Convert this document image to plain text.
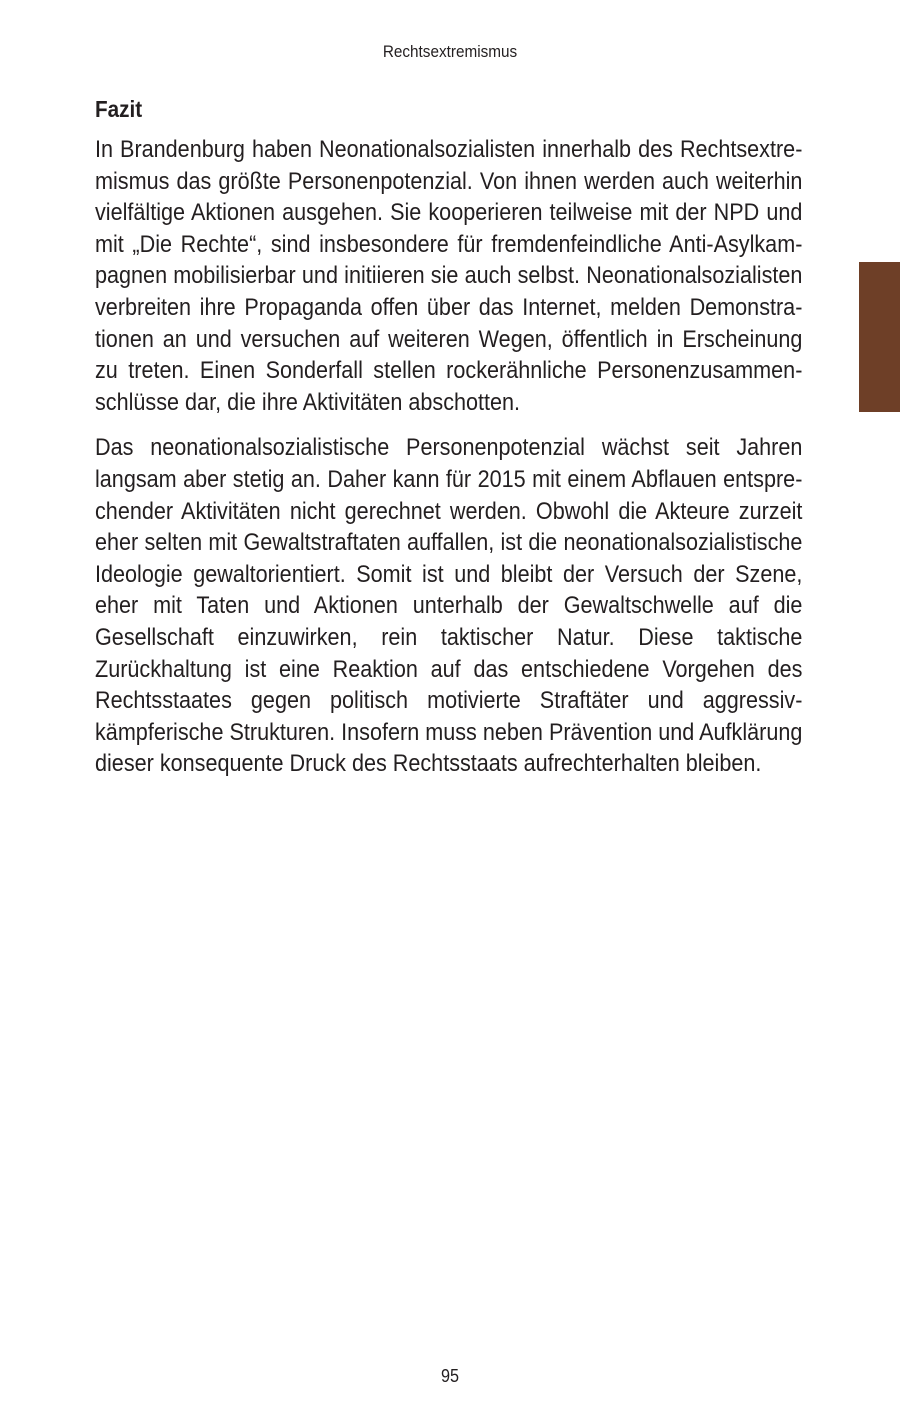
Rechtsextremismus
Fazit

In Brandenburg haben Neonationalsozialisten innerhalb des Rechtsextremismus das größte Personenpotenzial. Von ihnen werden auch weiterhin vielfältige Aktionen ausgehen. Sie kooperieren teilweise mit der NPD und mit „Die Rechte“, sind insbesondere für fremdenfeindliche Anti-Asylkampagnen mobilisierbar und initiieren sie auch selbst. Neonationalsozialisten verbreiten ihre Propaganda offen über das Internet, melden Demonstrationen an und versuchen auf weiteren Wegen, öffentlich in Erscheinung zu treten. Einen Sonderfall stellen rockerähnliche Personenzusammenschlüsse dar, die ihre Aktivitäten abschotten.

Das neonationalsozialistische Personenpotenzial wächst seit Jahren langsam aber stetig an. Daher kann für 2015 mit einem Abflauen entsprechender Aktivitäten nicht gerechnet werden. Obwohl die Akteure zurzeit eher selten mit Gewaltstraftaten auffallen, ist die neonationalsozialistische Ideologie gewaltorientiert. Somit ist und bleibt der Versuch der Szene, eher mit Taten und Aktionen unterhalb der Gewaltschwelle auf die Gesellschaft einzuwirken, rein taktischer Natur. Diese taktische Zurückhaltung ist eine Reaktion auf das entschiedene Vorgehen des Rechtsstaates gegen politisch motivierte Straftäter und aggressiv-kämpferische Strukturen. Insofern muss neben Prävention und Aufklärung dieser konsequente Druck des Rechtsstaats aufrechterhalten bleiben.

95
